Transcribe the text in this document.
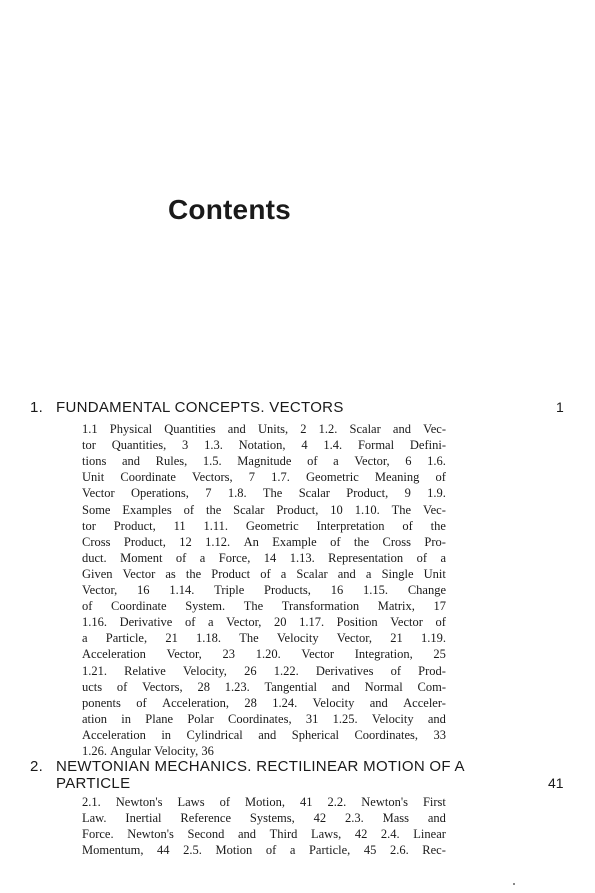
Contents
1. FUNDAMENTAL CONCEPTS. VECTORS	1
1.1 Physical Quantities and Units, 2 1.2. Scalar and Vec-
tor Quantities, 3 1.3. Notation, 4 1.4. Formal Defini-
tions and Rules, 1.5. Magnitude of a Vector, 6 1.6.
Unit Coordinate Vectors, 7 1.7. Geometric Meaning of
Vector Operations, 7 1.8. The Scalar Product, 9 1.9.
Some Examples of the Scalar Product, 10 1.10. The Vec-
tor Product, 11 1.11. Geometric Interpretation of the
Cross Product, 12 1.12. An Example of the Cross Pro-
duct. Moment of a Force, 14 1.13. Representation of a
Given Vector as the Product of a Scalar and a Single Unit
Vector, 16 1.14. Triple Products, 16 1.15. Change
of Coordinate System. The Transformation Matrix, 17
1.16. Derivative of a Vector, 20 1.17. Position Vector of
a Particle, 21 1.18. The Velocity Vector, 21 1.19.
Acceleration Vector, 23 1.20. Vector Integration, 25
1.21. Relative Velocity, 26 1.22. Derivatives of Prod-
ucts of Vectors, 28 1.23. Tangential and Normal Com-
ponents of Acceleration, 28 1.24. Velocity and Acceler-
ation in Plane Polar Coordinates, 31 1.25. Velocity and
Acceleration in Cylindrical and Spherical Coordinates, 33
1.26. Angular Velocity, 36
2. NEWTONIAN MECHANICS. RECTILINEAR MOTION OF A
PARTICLE	41
2.1. Newton's Laws of Motion, 41 2.2. Newton's First
Law. Inertial Reference Systems, 42 2.3. Mass and
Force. Newton's Second and Third Laws, 42 2.4. Linear
Momentum, 44 2.5. Motion of a Particle, 45 2.6. Rec-
